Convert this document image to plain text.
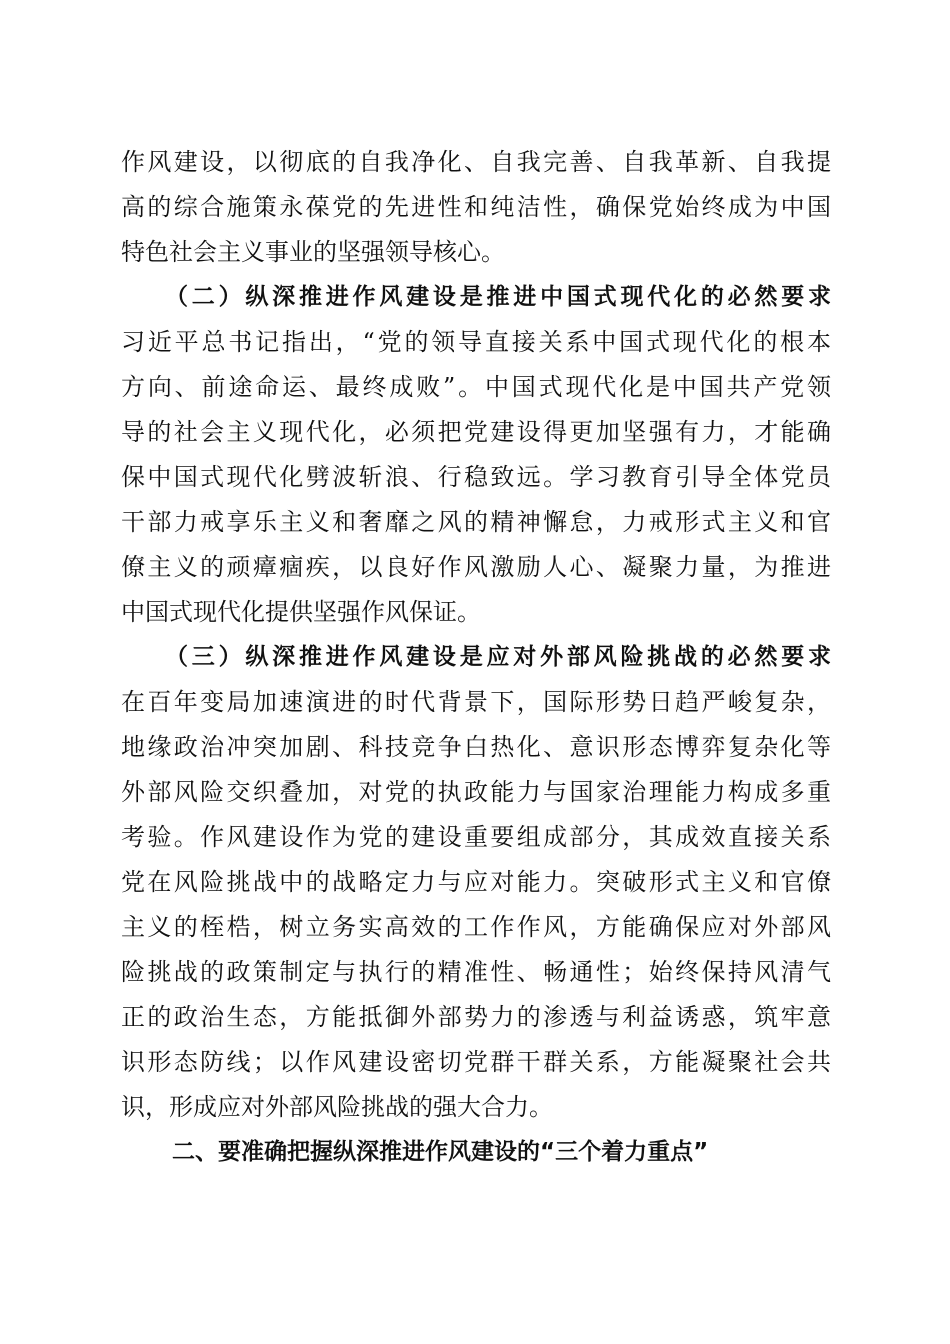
作风建设，以彻底的自我净化、自我完善、自我革新、自我提
高的综合施策永葆党的先进性和纯洁性，确保党始终成为中国
特色社会主义事业的坚强领导核心。
（二）纵深推进作风建设是推进中国式现代化的必然要求
习近平总书记指出，“党的领导直接关系中国式现代化的根本
方向、前途命运、最终成败”。中国式现代化是中国共产党领
导的社会主义现代化，必须把党建设得更加坚强有力，才能确
保中国式现代化劈波斩浪、行稳致远。学习教育引导全体党员
干部力戒享乐主义和奢靡之风的精神懈怠，力戒形式主义和官
僚主义的顽瘴痼疾，以良好作风激励人心、凝聚力量，为推进
中国式现代化提供坚强作风保证。
（三）纵深推进作风建设是应对外部风险挑战的必然要求
在百年变局加速演进的时代背景下，国际形势日趋严峻复杂，
地缘政治冲突加剧、科技竞争白热化、意识形态博弈复杂化等
外部风险交织叠加，对党的执政能力与国家治理能力构成多重
考验。作风建设作为党的建设重要组成部分，其成效直接关系
党在风险挑战中的战略定力与应对能力。突破形式主义和官僚
主义的桎梏，树立务实高效的工作作风，方能确保应对外部风
险挑战的政策制定与执行的精准性、畅通性；始终保持风清气
正的政治生态，方能抵御外部势力的渗透与利益诱惑，筑牢意
识形态防线；以作风建设密切党群干群关系，方能凝聚社会共
识，形成应对外部风险挑战的强大合力。
二、要准确把握纵深推进作风建设的“三个着力重点”
